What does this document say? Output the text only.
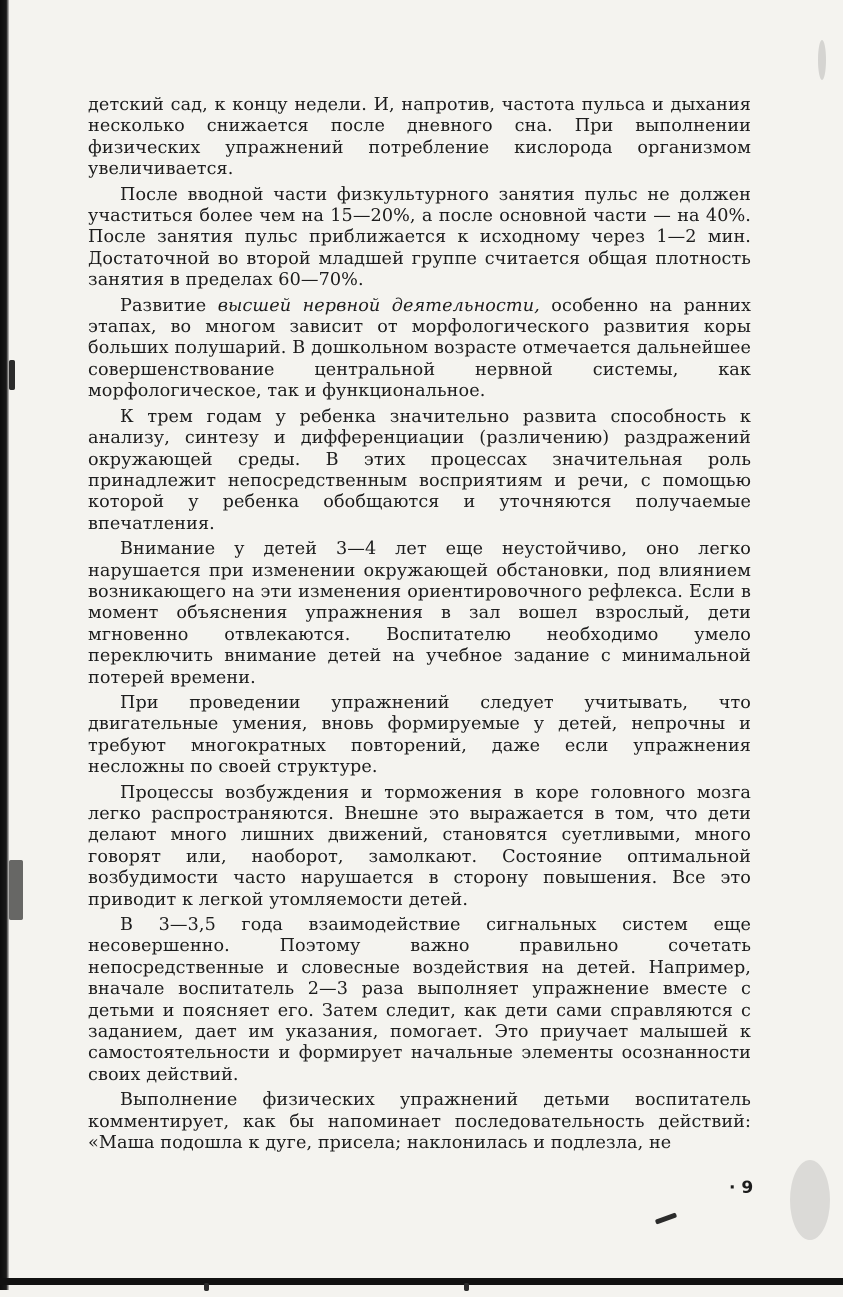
детский сад, к концу недели. И, напротив, частота пульса и дыхания несколько снижается после дневного сна. При выполнении физических упражнений потребление кислорода организмом увеличивается.

После вводной части физкультурного занятия пульс не должен участиться более чем на 15—20%, а после основной части — на 40%. После занятия пульс приближается к исходному через 1—2 мин. Достаточной во второй младшей группе считается общая плотность занятия в пределах 60—70%.

Развитие высшей нервной деятельности, особенно на ранних этапах, во многом зависит от морфологического развития коры больших полушарий. В дошкольном возрасте отмечается дальнейшее совершенствование центральной нервной системы, как морфологическое, так и функциональное.

К трем годам у ребенка значительно развита способность к анализу, синтезу и дифференциации (различению) раздражений окружающей среды. В этих процессах значительная роль принадлежит непосредственным восприятиям и речи, с помощью которой у ребенка обобщаются и уточняются получаемые впечатления.

Внимание у детей 3—4 лет еще неустойчиво, оно легко нарушается при изменении окружающей обстановки, под влиянием возникающего на эти изменения ориентировочного рефлекса. Если в момент объяснения упражнения в зал вошел взрослый, дети мгновенно отвлекаются. Воспитателю необходимо умело переключить внимание детей на учебное задание с минимальной потерей времени.

При проведении упражнений следует учитывать, что двигательные умения, вновь формируемые у детей, непрочны и требуют многократных повторений, даже если упражнения несложны по своей структуре.

Процессы возбуждения и торможения в коре головного мозга легко распространяются. Внешне это выражается в том, что дети делают много лишних движений, становятся суетливыми, много говорят или, наоборот, замолкают. Состояние оптимальной возбудимости часто нарушается в сторону повышения. Все это приводит к легкой утомляемости детей.

В 3—3,5 года взаимодействие сигнальных систем еще несовершенно. Поэтому важно правильно сочетать непосредственные и словесные воздействия на детей. Например, вначале воспитатель 2—3 раза выполняет упражнение вместе с детьми и поясняет его. Затем следит, как дети сами справляются с заданием, дает им указания, помогает. Это приучает малышей к самостоятельности и формирует начальные элементы осознанности своих действий.

Выполнение физических упражнений детьми воспитатель комментирует, как бы напоминает последовательность действий: «Маша подошла к дуге, присела; наклонилась и подлезла, не

· 9
